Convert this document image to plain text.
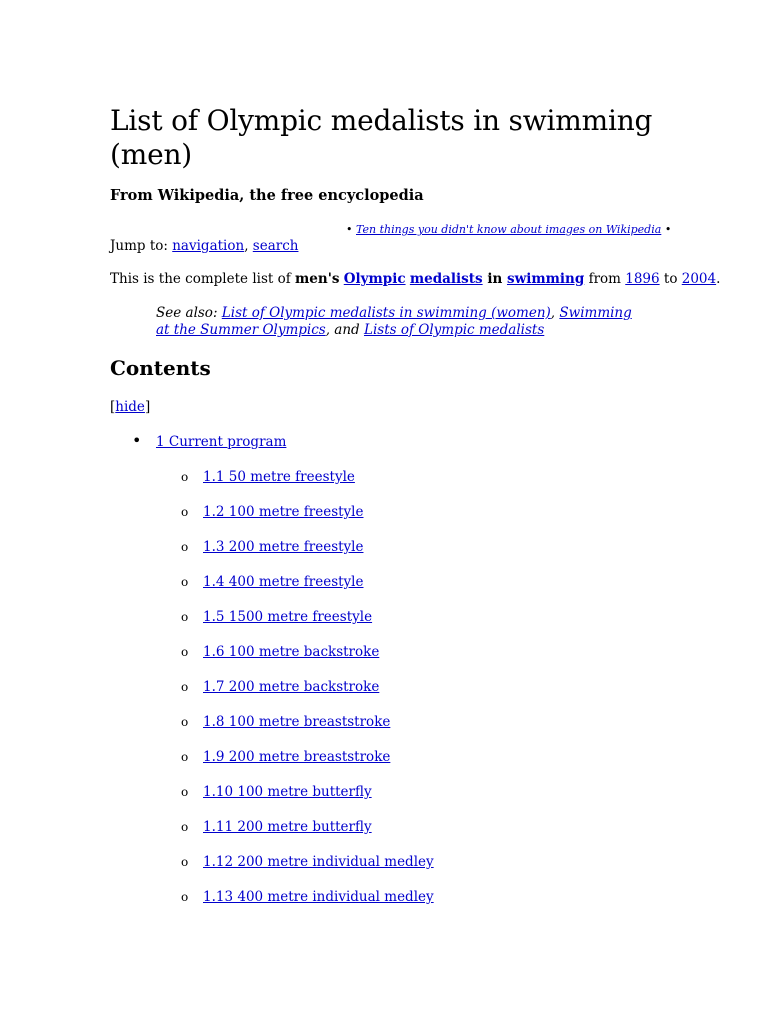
List of Olympic medalists in swimming (men)
From Wikipedia, the free encyclopedia
• Ten things you didn't know about images on Wikipedia •
Jump to: navigation, search
This is the complete list of men's Olympic medalists in swimming from 1896 to 2004.
See also: List of Olympic medalists in swimming (women), Swimming at the Summer Olympics, and Lists of Olympic medalists
Contents
[hide]
• 1 Current program
o 1.1 50 metre freestyle
o 1.2 100 metre freestyle
o 1.3 200 metre freestyle
o 1.4 400 metre freestyle
o 1.5 1500 metre freestyle
o 1.6 100 metre backstroke
o 1.7 200 metre backstroke
o 1.8 100 metre breaststroke
o 1.9 200 metre breaststroke
o 1.10 100 metre butterfly
o 1.11 200 metre butterfly
o 1.12 200 metre individual medley
o 1.13 400 metre individual medley
